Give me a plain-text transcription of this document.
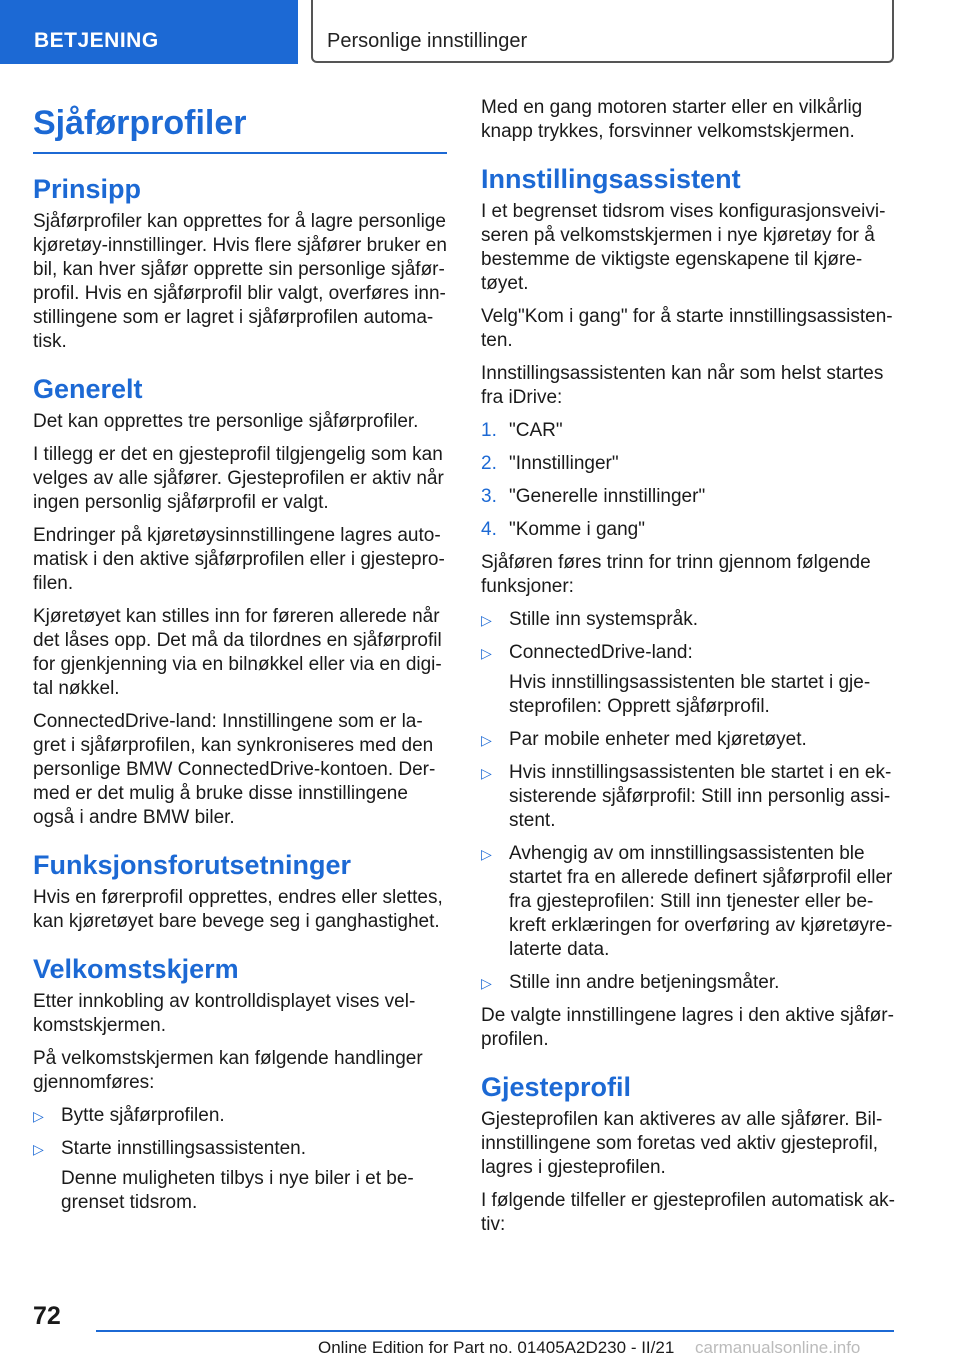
BETJENING	Personlige innstillinger
Sjåførprofiler
Prinsipp

Sjåførprofiler kan opprettes for å lagre personlige kjøretøy-innstillinger. Hvis flere sjåfører bruker en bil, kan hver sjåfør opprette sin personlige sjåfør-profil. Hvis en sjåførprofil blir valgt, overføres inn-stillingene som er lagret i sjåførprofilen automa-tisk.

Generelt

Det kan opprettes tre personlige sjåførprofiler.

I tillegg er det en gjesteprofil tilgjengelig som kan velges av alle sjåfører. Gjesteprofilen er aktiv når ingen personlig sjåførprofil er valgt.

Endringer på kjøretøysinnstillingene lagres auto-matisk i den aktive sjåførprofilen eller i gjestepro-filen.

Kjøretøyet kan stilles inn for føreren allerede når det låses opp. Det må da tilordnes en sjåførprofil for gjenkjenning via en bilnøkkel eller via en digi-tal nøkkel.

ConnectedDrive-land: Innstillingene som er la-gret i sjåførprofilen, kan synkroniseres med den personlige BMW ConnectedDrive-kontoen. Der-med er det mulig å bruke disse innstillingene også i andre BMW biler.

Funksjonsforutsetninger

Hvis en førerprofil opprettes, endres eller slettes, kan kjøretøyet bare bevege seg i ganghastighet.

Velkomstskjerm

Etter innkobling av kontrolldisplayet vises vel-komstskjermen.

På velkomstskjermen kan følgende handlinger gjennomføres:

▷ Bytte sjåførprofilen.
▷ Starte innstillingsassistenten.
Denne muligheten tilbys i nye biler i et be-grenset tidsrom.

Med en gang motoren starter eller en vilkårlig knapp trykkes, forsvinner velkomstskjermen.

Innstillingsassistent

I et begrenset tidsrom vises konfigurasjonsveivi-seren på velkomstskjermen i nye kjøretøy for å bestemme de viktigste egenskapene til kjøre-tøyet.

Velg"Kom i gang" for å starte innstillingsassisten-ten.

Innstillingsassistenten kan når som helst startes fra iDrive:

1. "CAR"
2. "Innstillinger"
3. "Generelle innstillinger"
4. "Komme i gang"

Sjåføren føres trinn for trinn gjennom følgende funksjoner:

▷ Stille inn systemspråk.
▷ ConnectedDrive-land:
Hvis innstillingsassistenten ble startet i gje-steprofilen: Opprett sjåførprofil.
▷ Par mobile enheter med kjøretøyet.
▷ Hvis innstillingsassistenten ble startet i en ek-sisterende sjåførprofil: Still inn personlig assi-stent.
▷ Avhengig av om innstillingsassistenten ble startet fra en allerede definert sjåførprofil eller fra gjesteprofilen: Still inn tjenester eller be-kreft erklæringen for overføring av kjøretøyre-laterte data.
▷ Stille inn andre betjeningsmåter.

De valgte innstillingene lagres i den aktive sjåfør-profilen.

Gjesteprofil

Gjesteprofilen kan aktiveres av alle sjåfører. Bil-innstillingene som foretas ved aktiv gjesteprofil, lagres i gjesteprofilen.

I følgende tilfeller er gjesteprofilen automatisk ak-tiv:

72
Online Edition for Part no. 01405A2D230 - II/21 carmanualsonline.info
